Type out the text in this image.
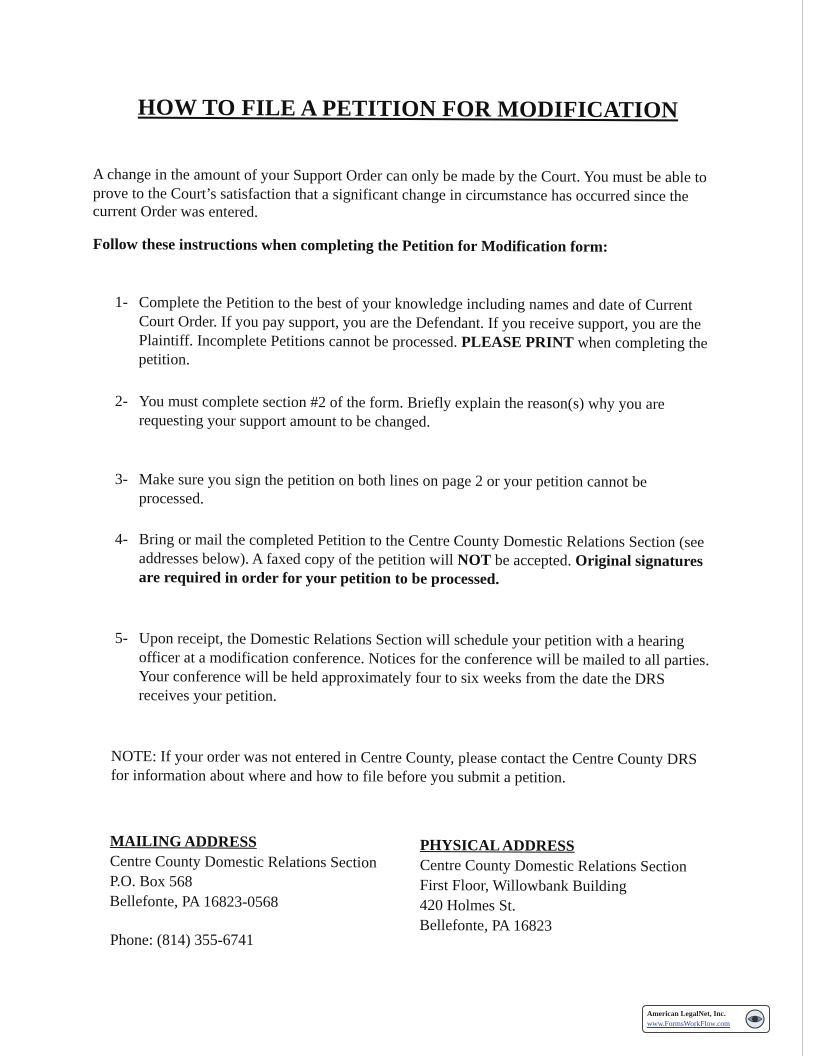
HOW TO FILE A PETITION FOR MODIFICATION
A change in the amount of your Support Order can only be made by the Court. You must be able to prove to the Court’s satisfaction that a significant change in circumstance has occurred since the current Order was entered.
Follow these instructions when completing the Petition for Modification form:
1- Complete the Petition to the best of your knowledge including names and date of Current Court Order. If you pay support, you are the Defendant. If you receive support, you are the Plaintiff. Incomplete Petitions cannot be processed. PLEASE PRINT when completing the petition.
2- You must complete section #2 of the form. Briefly explain the reason(s) why you are requesting your support amount to be changed.
3- Make sure you sign the petition on both lines on page 2 or your petition cannot be processed.
4- Bring or mail the completed Petition to the Centre County Domestic Relations Section (see addresses below). A faxed copy of the petition will NOT be accepted. Original signatures are required in order for your petition to be processed.
5- Upon receipt, the Domestic Relations Section will schedule your petition with a hearing officer at a modification conference. Notices for the conference will be mailed to all parties. Your conference will be held approximately four to six weeks from the date the DRS receives your petition.
NOTE: If your order was not entered in Centre County, please contact the Centre County DRS for information about where and how to file before you submit a petition.
MAILING ADDRESS
Centre County Domestic Relations Section
P.O. Box 568
Bellefonte, PA 16823-0568
Phone: (814) 355-6741
PHYSICAL ADDRESS
Centre County Domestic Relations Section
First Floor, Willowbank Building
420 Holmes St.
Bellefonte, PA 16823
American LegalNet, Inc.
www.FormsWorkFlow.com
